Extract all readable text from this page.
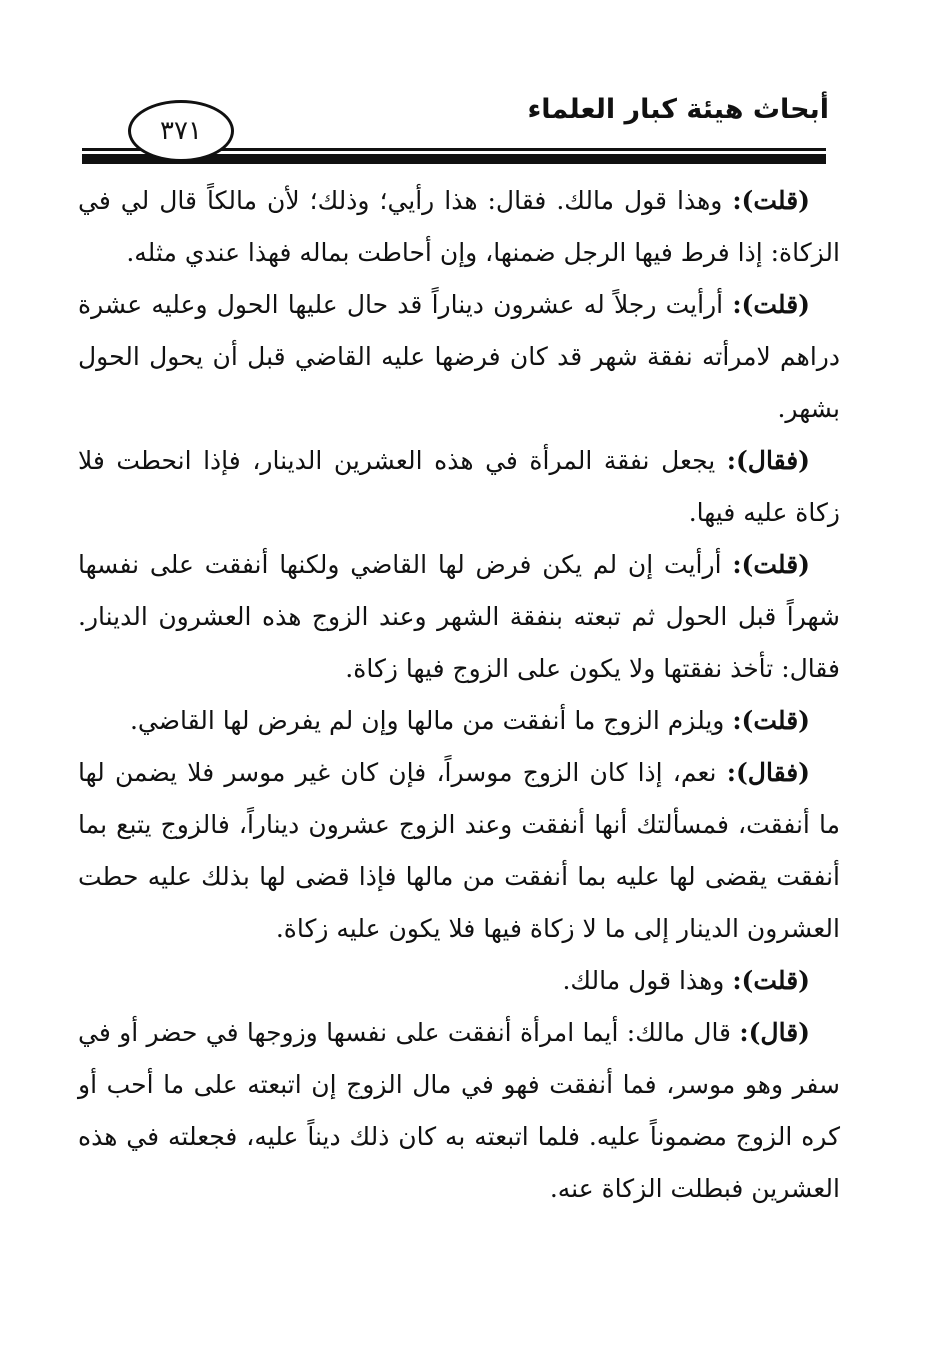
أبحاث هيئة كبار العلماء
٣٧١

(قلت): وهذا قول مالك. فقال: هذا رأيي؛ وذلك؛ لأن مالكاً قال لي في الزكاة: إذا فرط فيها الرجل ضمنها، وإن أحاطت بماله فهذا عندي مثله.

(قلت): أرأيت رجلاً له عشرون ديناراً قد حال عليها الحول وعليه عشرة دراهم لامرأته نفقة شهر قد كان فرضها عليه القاضي قبل أن يحول الحول بشهر.

(فقال): يجعل نفقة المرأة في هذه العشرين الدينار، فإذا انحطت فلا زكاة عليه فيها.

(قلت): أرأيت إن لم يكن فرض لها القاضي ولكنها أنفقت على نفسها شهراً قبل الحول ثم تبعته بنفقة الشهر وعند الزوج هذه العشرون الدينار. فقال: تأخذ نفقتها ولا يكون على الزوج فيها زكاة.

(قلت): ويلزم الزوج ما أنفقت من مالها وإن لم يفرض لها القاضي.

(فقال): نعم، إذا كان الزوج موسراً، فإن كان غير موسر فلا يضمن لها ما أنفقت، فمسألتك أنها أنفقت وعند الزوج عشرون ديناراً، فالزوج يتبع بما أنفقت يقضى لها عليه بما أنفقت من مالها فإذا قضى لها بذلك عليه حطت العشرون الدينار إلى ما لا زكاة فيها فلا يكون عليه زكاة.

(قلت): وهذا قول مالك.

(قال): قال مالك: أيما امرأة أنفقت على نفسها وزوجها في حضر أو في سفر وهو موسر، فما أنفقت فهو في مال الزوج إن اتبعته على ما أحب أو كره الزوج مضموناً عليه. فلما اتبعته به كان ذلك ديناً عليه، فجعلته في هذه العشرين فبطلت الزكاة عنه.
